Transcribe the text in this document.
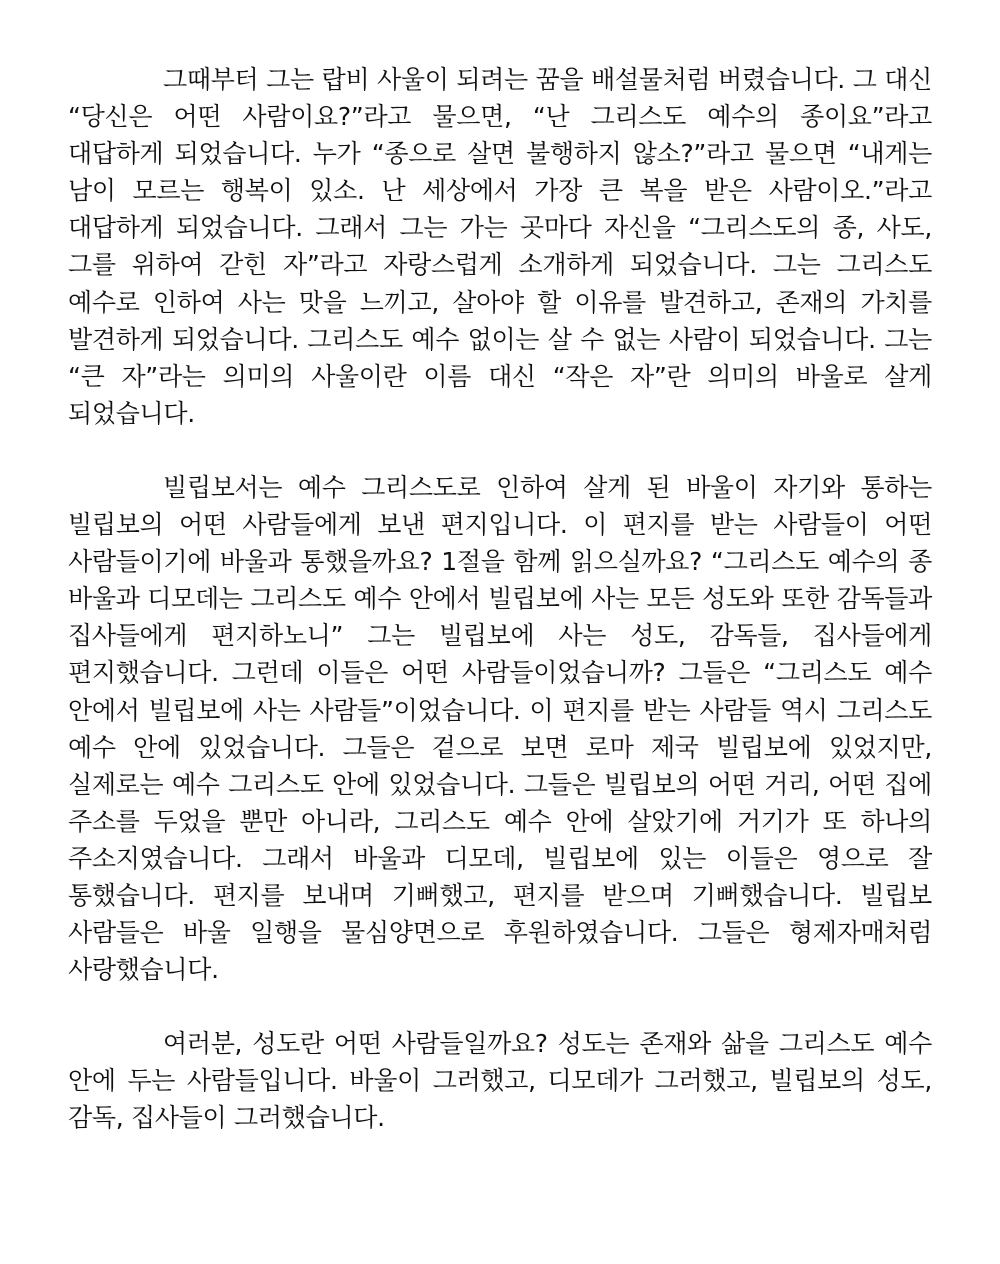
그때부터 그는 랍비 사울이 되려는 꿈을 배설물처럼 버렸습니다. 그 대신 “당신은 어떤 사람이요?”라고 물으면, “난 그리스도 예수의 종이요”라고 대답하게 되었습니다. 누가 “종으로 살면 불행하지 않소?”라고 물으면 “내게는 남이 모르는 행복이 있소. 난 세상에서 가장 큰 복을 받은 사람이오.”라고 대답하게 되었습니다. 그래서 그는 가는 곳마다 자신을 “그리스도의 종, 사도, 그를 위하여 갇힌 자”라고 자랑스럽게 소개하게 되었습니다. 그는 그리스도 예수로 인하여 사는 맛을 느끼고, 살아야 할 이유를 발견하고, 존재의 가치를 발견하게 되었습니다. 그리스도 예수 없이는 살 수 없는 사람이 되었습니다. 그는 “큰 자”라는 의미의 사울이란 이름 대신 “작은 자”란 의미의 바울로 살게 되었습니다.

빌립보서는 예수 그리스도로 인하여 살게 된 바울이 자기와 통하는 빌립보의 어떤 사람들에게 보낸 편지입니다. 이 편지를 받는 사람들이 어떤 사람들이기에 바울과 통했을까요? 1절을 함께 읽으실까요? “그리스도 예수의 종 바울과 디모데는 그리스도 예수 안에서 빌립보에 사는 모든 성도와 또한 감독들과 집사들에게 편지하노니” 그는 빌립보에 사는 성도, 감독들, 집사들에게 편지했습니다. 그런데 이들은 어떤 사람들이었습니까? 그들은 “그리스도 예수 안에서 빌립보에 사는 사람들”이었습니다. 이 편지를 받는 사람들 역시 그리스도 예수 안에 있었습니다. 그들은 겉으로 보면 로마 제국 빌립보에 있었지만, 실제로는 예수 그리스도 안에 있었습니다. 그들은 빌립보의 어떤 거리, 어떤 집에 주소를 두었을 뿐만 아니라, 그리스도 예수 안에 살았기에 거기가 또 하나의 주소지였습니다. 그래서 바울과 디모데, 빌립보에 있는 이들은 영으로 잘 통했습니다. 편지를 보내며 기뻐했고, 편지를 받으며 기뻐했습니다. 빌립보 사람들은 바울 일행을 물심양면으로 후원하였습니다. 그들은 형제자매처럼 사랑했습니다.

여러분, 성도란 어떤 사람들일까요? 성도는 존재와 삶을 그리스도 예수 안에 두는 사람들입니다. 바울이 그러했고, 디모데가 그러했고, 빌립보의 성도, 감독, 집사들이 그러했습니다.
